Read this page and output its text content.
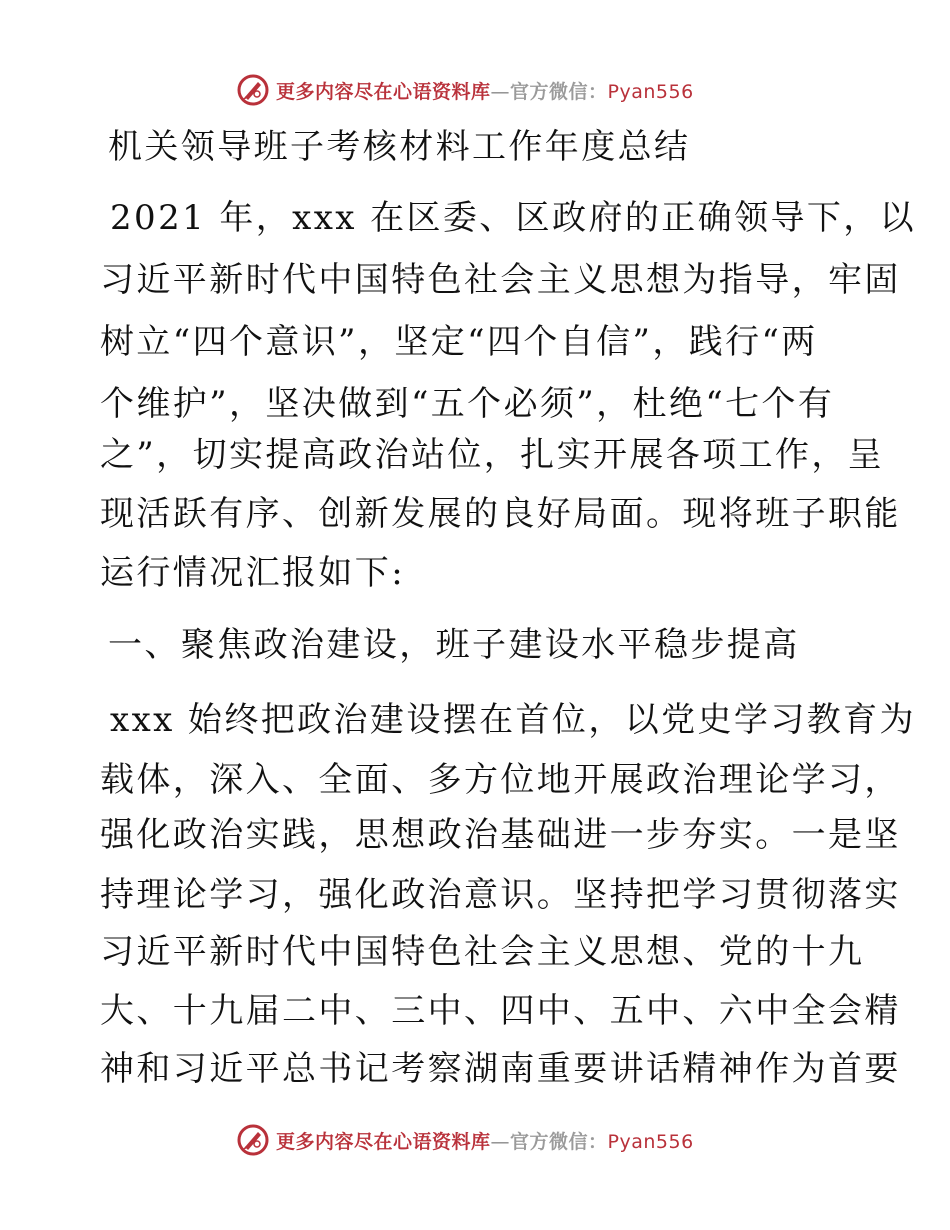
更多内容尽在心语资料库—官方微信：Pyan556
机关领导班子考核材料工作年度总结
2021 年，xxx 在区委、区政府的正确领导下，以
习近平新时代中国特色社会主义思想为指导，牢固
树立“四个意识”，坚定“四个自信”，践行“两
个维护”，坚决做到“五个必须”，杜绝“七个有
之”，切实提高政治站位，扎实开展各项工作，呈
现活跃有序、创新发展的良好局面。现将班子职能
运行情况汇报如下:
一、聚焦政治建设，班子建设水平稳步提高
xxx 始终把政治建设摆在首位，以党史学习教育为
载体，深入、全面、多方位地开展政治理论学习，
强化政治实践，思想政治基础进一步夯实。一是坚
持理论学习，强化政治意识。坚持把学习贯彻落实
习近平新时代中国特色社会主义思想、党的十九
大、十九届二中、三中、四中、五中、六中全会精
神和习近平总书记考察湖南重要讲话精神作为首要
更多内容尽在心语资料库—官方微信：Pyan556
